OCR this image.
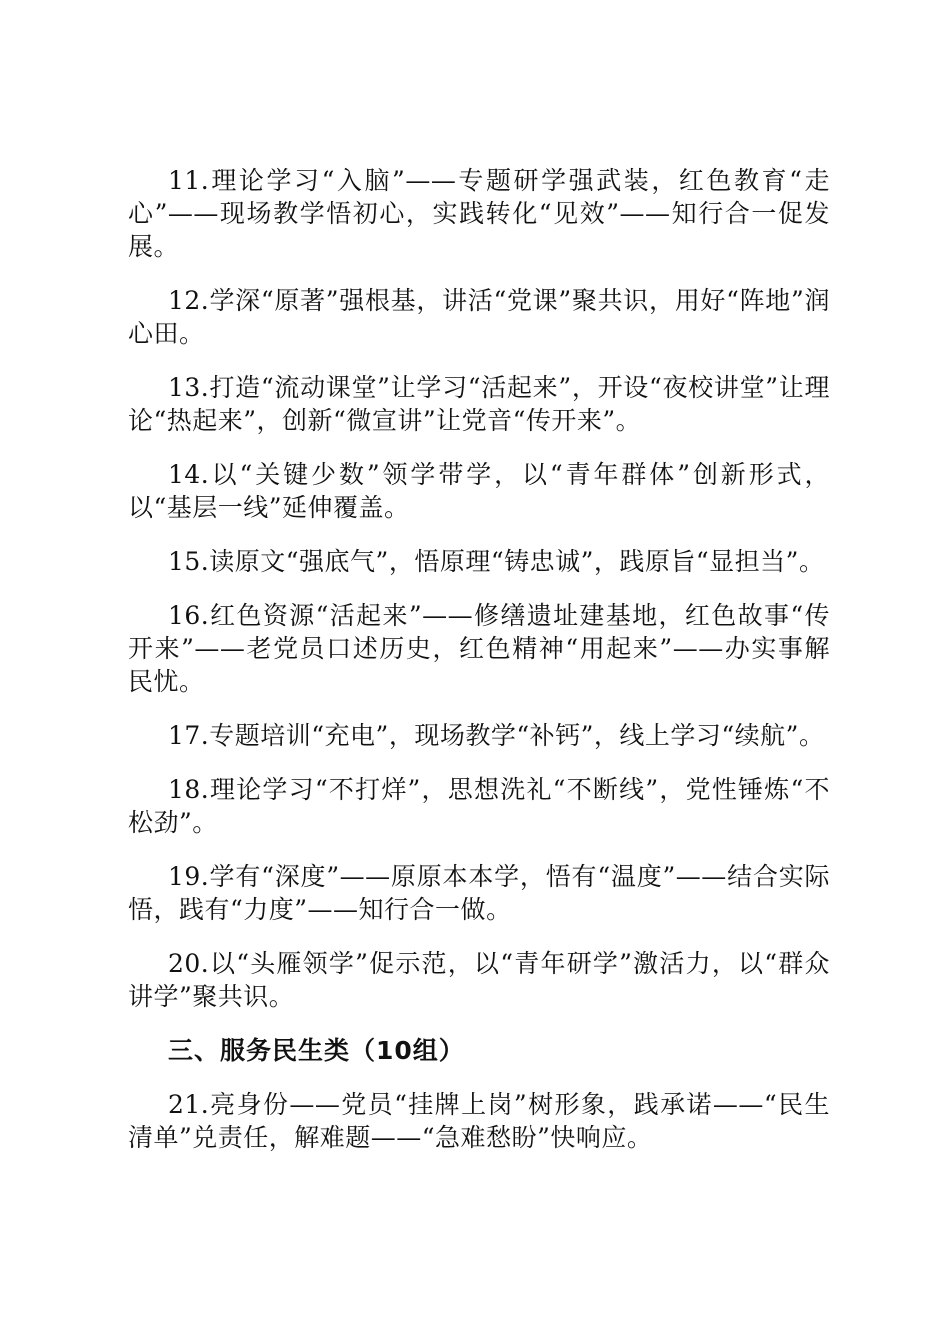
11.理论学习“入脑”——专题研学强武装，红色教育“走心”——现场教学悟初心，实践转化“见效”——知行合一促发展。

12.学深“原著”强根基，讲活“党课”聚共识，用好“阵地”润心田。

13.打造“流动课堂”让学习“活起来”，开设“夜校讲堂”让理论“热起来”，创新“微宣讲”让党音“传开来”。

14.以“关键少数”领学带学，以“青年群体”创新形式，以“基层一线”延伸覆盖。

15.读原文“强底气”，悟原理“铸忠诚”，践原旨“显担当”。

16.红色资源“活起来”——修缮遗址建基地，红色故事“传开来”——老党员口述历史，红色精神“用起来”——办实事解民忧。

17.专题培训“充电”，现场教学“补钙”，线上学习“续航”。

18.理论学习“不打烊”，思想洗礼“不断线”，党性锤炼“不松劲”。

19.学有“深度”——原原本本学，悟有“温度”——结合实际悟，践有“力度”——知行合一做。

20.以“头雁领学”促示范，以“青年研学”激活力，以“群众讲学”聚共识。

三、服务民生类（10组）

21.亮身份——党员“挂牌上岗”树形象，践承诺——“民生清单”兑责任，解难题——“急难愁盼”快响应。
